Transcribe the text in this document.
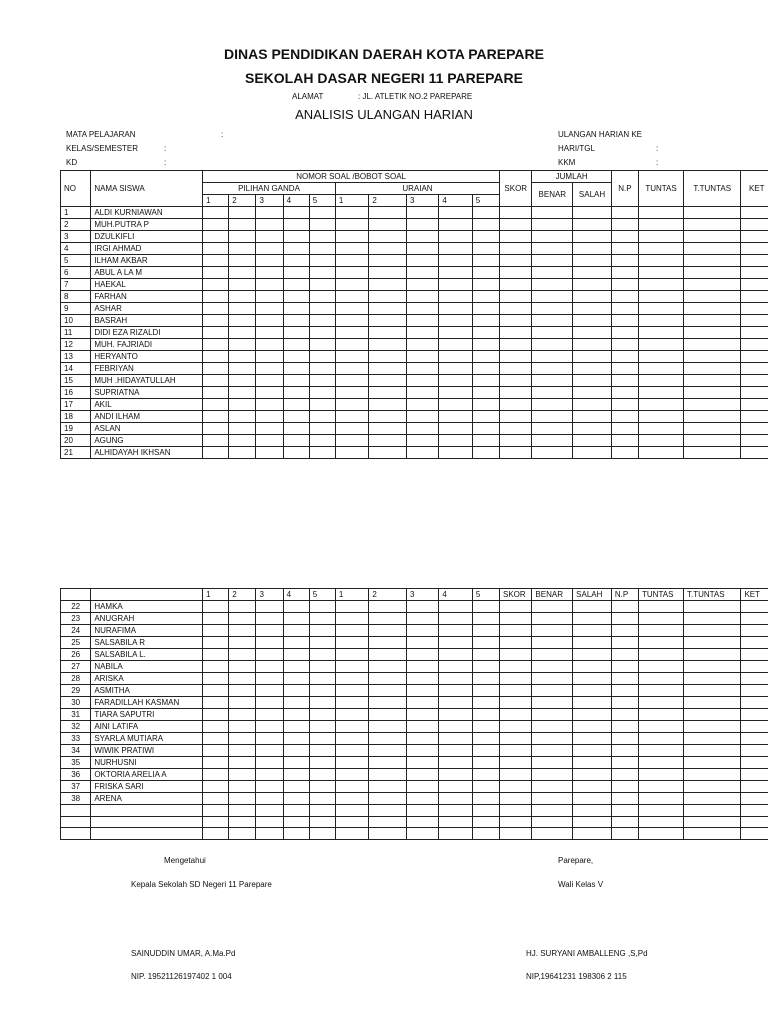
DINAS PENDIDIKAN DAERAH KOTA PAREPARE
SEKOLAH DASAR NEGERI 11 PAREPARE
ALAMAT	: JL. ATLETIK NO.2 PAREPARE
ANALISIS ULANGAN HARIAN
MATA PELAJARAN	:
KELAS/SEMESTER	:
KD	:
ULANGAN HARIAN KE
HARI/TGL	:
KKM	:
NO	NAMA SISWA	NOMOR SOAL /BOBOT SOAL										SKOR	JUMLAH		N.P	TUNTAS	T.TUNTAS	KET
		PILIHAN GANDA					URAIAN						BENAR	SALAH				
		1	2	3	4	5	1	2	3	4	5							
1	ALDI KURNIAWAN																	
2	MUH.PUTRA P																	
3	DZULKIFLI																	
4	IRGI AHMAD																	
5	ILHAM AKBAR																	
6	ABUL A LA M																	
7	HAEKAL																	
8	FARHAN																	
9	ASHAR																	
10	BASRAH																	
11	DIDI EZA RIZALDI																	
12	MUH. FAJRIADI																	
13	HERYANTO																	
14	FEBRIYAN																	
15	MUH .HIDAYATULLAH																	
16	SUPRIATNA																	
17	AKIL																	
18	ANDI ILHAM																	
19	ASLAN																	
20	AGUNG																	
21	ALHIDAYAH IKHSAN																	
		1	2	3	4	5	1	2	3	4	5	SKOR	BENAR	SALAH	N.P	TUNTAS	T.TUNTAS	KET
22	HAMKA																	
23	ANUGRAH																	
24	NURAFIMA																	
25	SALSABILA R																	
26	SALSABILA L.																	
27	NABILA																	
28	ARISKA																	
29	ASMITHA																	
30	FARADILLAH KASMAN																	
31	TIARA SAPUTRI																	
32	AINI LATIFA																	
33	SYARLA MUTIARA																	
34	WIWIK PRATIWI																	
35	NURHUSNI																	
36	OKTORIA ARELIA A																	
37	FRISKA SARI																	
38	ARENA																	

Mengetahui
Kepala Sekolah SD Negeri 11 Parepare
SAINUDDIN UMAR, A.Ma.Pd
NIP. 19521126197402 1 004
Parepare,
Wali Kelas V
HJ. SURYANI AMBALLENG ,S,Pd
NIP,19641231 198306 2 115
